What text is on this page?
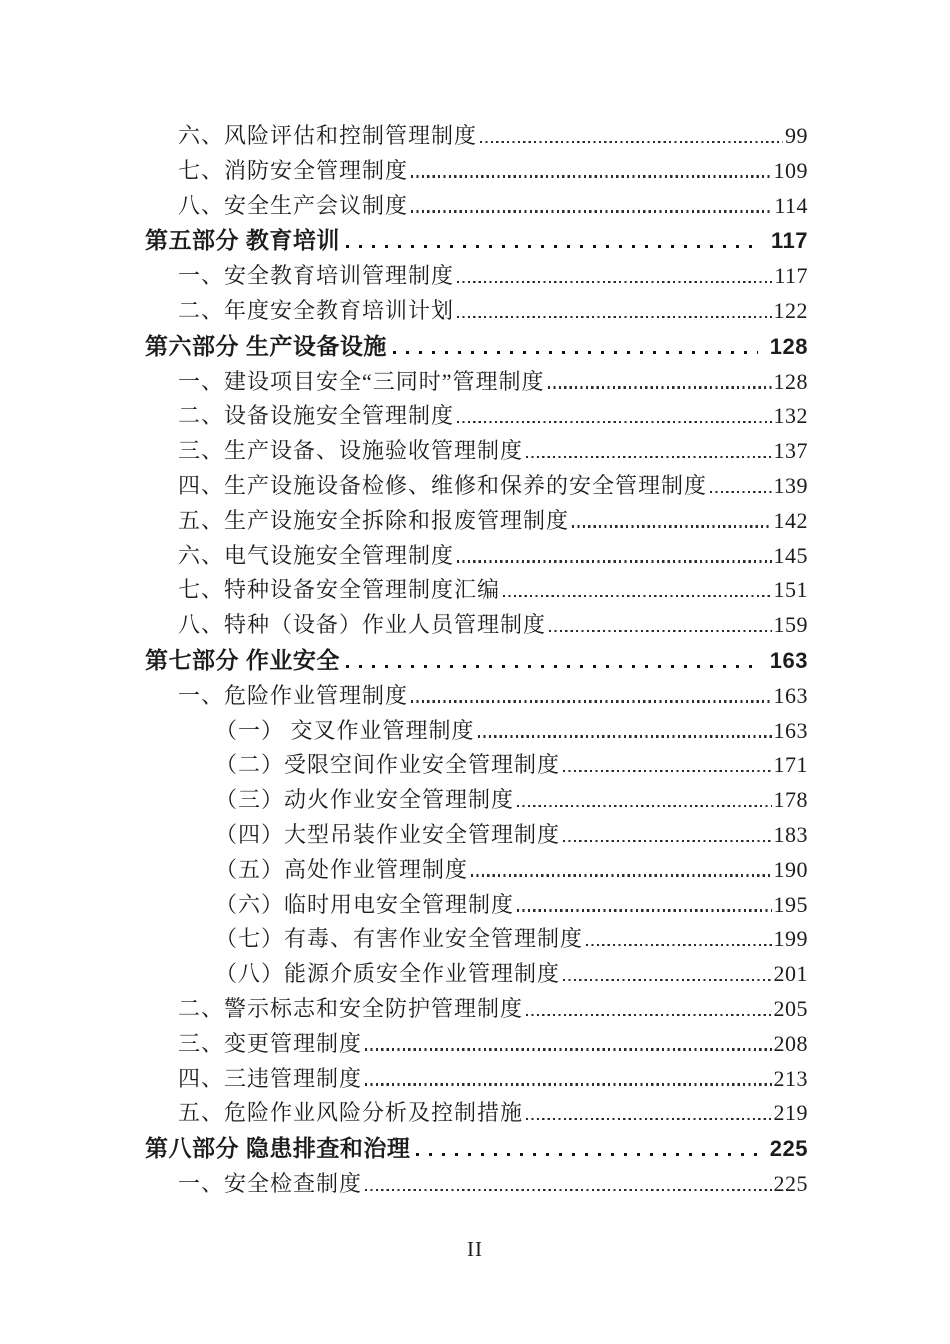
六、风险评估和控制管理制度	99
七、消防安全管理制度	109
八、安全生产会议制度	114
第五部分 教育培训	117
一、安全教育培训管理制度	117
二、年度安全教育培训计划	122
第六部分 生产设备设施	128
一、建设项目安全“三同时”管理制度	128
二、设备设施安全管理制度	132
三、生产设备、设施验收管理制度	137
四、生产设施设备检修、维修和保养的安全管理制度	139
五、生产设施安全拆除和报废管理制度	142
六、电气设施安全管理制度	145
七、特种设备安全管理制度汇编	151
八、特种（设备）作业人员管理制度	159
第七部分 作业安全	163
一、危险作业管理制度	163
（一） 交叉作业管理制度	163
（二）受限空间作业安全管理制度	171
（三）动火作业安全管理制度	178
（四）大型吊装作业安全管理制度	183
（五）高处作业管理制度	190
（六）临时用电安全管理制度	195
（七）有毒、有害作业安全管理制度	199
（八）能源介质安全作业管理制度	201
二、警示标志和安全防护管理制度	205
三、变更管理制度	208
四、三违管理制度	213
五、危险作业风险分析及控制措施	219
第八部分 隐患排查和治理	225
一、安全检查制度	225
II
